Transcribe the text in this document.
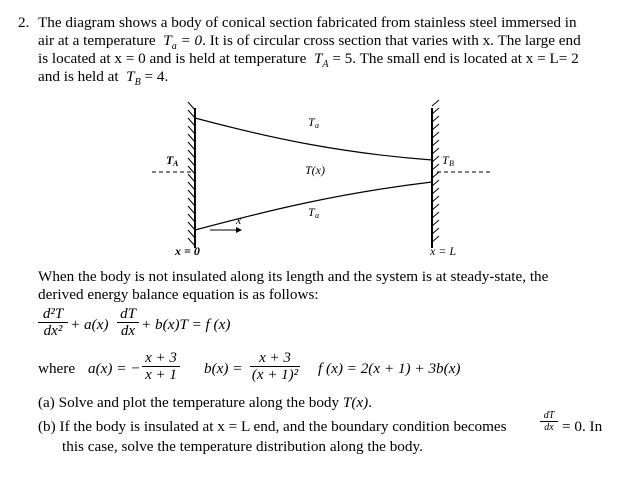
2. The diagram shows a body of conical section fabricated from stainless steel immersed in
air at a temperature $T_a = 0$. It is of circular cross section that varies with x. The large end
is located at x = 0 and is held at temperature $T_A = 5$. The small end is located at x = L= 2
and is held at $T_B = 4$.
T A	T B
T a
T(x)
T a
x
x = 0	x = L
When the body is not insulated along its length and the system is at steady-state, the
derived energy balance equation is as follows:
d²T
dx² + a(x)
dT
dx + b(x)T = f (x)
where a(x) = −
x + 3
x + 1 b(x) =
x + 3
(x + 1)² f (x) = 2(x + 1) + 3b(x)
(a) Solve and plot the temperature along the body T(x).
(b) If the body is insulated at x = L end, and the boundary condition becomes
dT
dx = 0. In
this case, solve the temperature distribution along the body.
